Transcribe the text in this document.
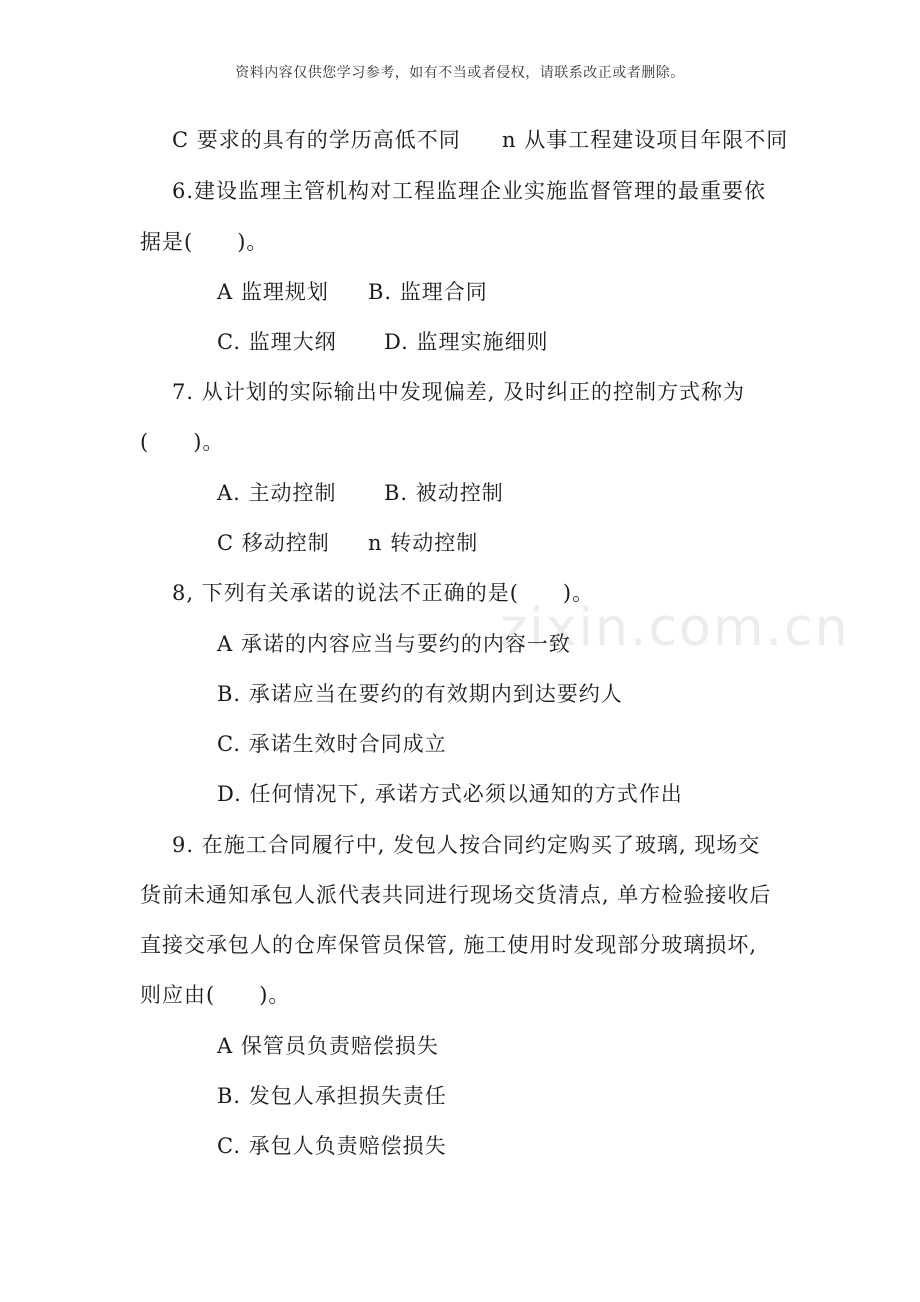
资料内容仅供您学习参考，如有不当或者侵权，请联系改正或者删除。
zixin.com.cn
C 要求的具有的学历高低不同 n 从事工程建设项目年限不同
6.建设监理主管机构对工程监理企业实施监督管理的最重要依
据是(　　)。
A 监理规划 B. 监理合同
C. 监理大纲 D. 监理实施细则
7. 从计划的实际输出中发现偏差, 及时纠正的控制方式称为
(　　)。
A. 主动控制 B. 被动控制
C 移动控制 n 转动控制
8, 下列有关承诺的说法不正确的是(　　)。
A 承诺的内容应当与要约的内容一致
B. 承诺应当在要约的有效期内到达要约人
C. 承诺生效时合同成立
D. 任何情况下, 承诺方式必须以通知的方式作出
9. 在施工合同履行中, 发包人按合同约定购买了玻璃, 现场交
货前未通知承包人派代表共同进行现场交货清点, 单方检验接收后
直接交承包人的仓库保管员保管, 施工使用时发现部分玻璃损坏,
则应由(　　)。
A 保管员负责赔偿损失
B. 发包人承担损失责任
C. 承包人负责赔偿损失
